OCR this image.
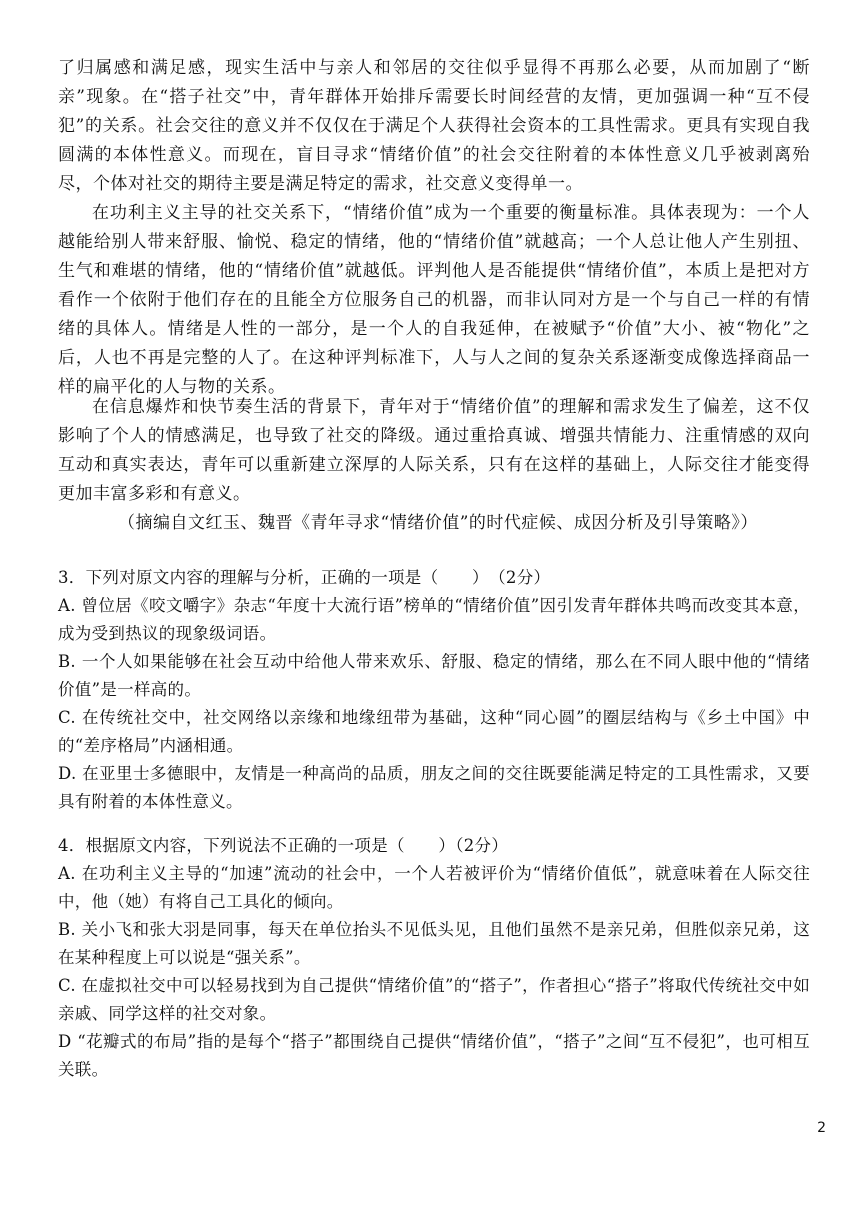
了归属感和满足感，现实生活中与亲人和邻居的交往似乎显得不再那么必要，从而加剧了“断亲”现象。在“搭子社交”中，青年群体开始排斥需要长时间经营的友情，更加强调一种“互不侵犯”的关系。社会交往的意义并不仅仅在于满足个人获得社会资本的工具性需求。更具有实现自我圆满的本体性意义。而现在，盲目寻求“情绪价值”的社会交往附着的本体性意义几乎被剥离殆尽，个体对社交的期待主要是满足特定的需求，社交意义变得单一。

在功利主义主导的社交关系下，“情绪价值”成为一个重要的衡量标准。具体表现为：一个人越能给别人带来舒服、愉悦、稳定的情绪，他的“情绪价值”就越高；一个人总让他人产生别扭、生气和难堪的情绪，他的“情绪价值”就越低。评判他人是否能提供“情绪价值”，本质上是把对方看作一个依附于他们存在的且能全方位服务自己的机器，而非认同对方是一个与自己一样的有情绪的具体人。情绪是人性的一部分，是一个人的自我延伸，在被赋予“价值”大小、被“物化”之后，人也不再是完整的人了。在这种评判标准下，人与人之间的复杂关系逐渐变成像选择商品一样的扁平化的人与物的关系。

在信息爆炸和快节奏生活的背景下，青年对于“情绪价值”的理解和需求发生了偏差，这不仅影响了个人的情感满足，也导致了社交的降级。通过重拾真诚、增强共情能力、注重情感的双向互动和真实表达，青年可以重新建立深厚的人际关系，只有在这样的基础上，人际交往才能变得更加丰富多彩和有意义。

（摘编自文红玉、魏晋《青年寻求“情绪价值”的时代症候、成因分析及引导策略》）

3．下列对原文内容的理解与分析，正确的一项是（　　）　（2分）

A. 曾位居《咬文嚼字》杂志“年度十大流行语”榜单的“情绪价值”因引发青年群体共鸣而改变其本意，成为受到热议的现象级词语。

B. 一个人如果能够在社会互动中给他人带来欢乐、舒服、稳定的情绪，那么在不同人眼中他的“情绪价值”是一样高的。

C. 在传统社交中，社交网络以亲缘和地缘纽带为基础，这种“同心圆”的圈层结构与《乡土中国》中的“差序格局”内涵相通。

D. 在亚里士多德眼中，友情是一种高尚的品质，朋友之间的交往既要能满足特定的工具性需求，又要具有附着的本体性意义。

4．根据原文内容，下列说法不正确的一项是（　　）（2分）

A. 在功利主义主导的“加速”流动的社会中，一个人若被评价为“情绪价值低”，就意味着在人际交往中，他（她）有将自己工具化的倾向。

B. 关小飞和张大羽是同事，每天在单位抬头不见低头见，且他们虽然不是亲兄弟，但胜似亲兄弟，这在某种程度上可以说是“强关系”。

C. 在虚拟社交中可以轻易找到为自己提供“情绪价值”的“搭子”，作者担心“搭子”将取代传统社交中如亲戚、同学这样的社交对象。

D “花瓣式的布局”指的是每个“搭子”都围绕自己提供“情绪价值”，“搭子”之间“互不侵犯”，也可相互关联。

2
